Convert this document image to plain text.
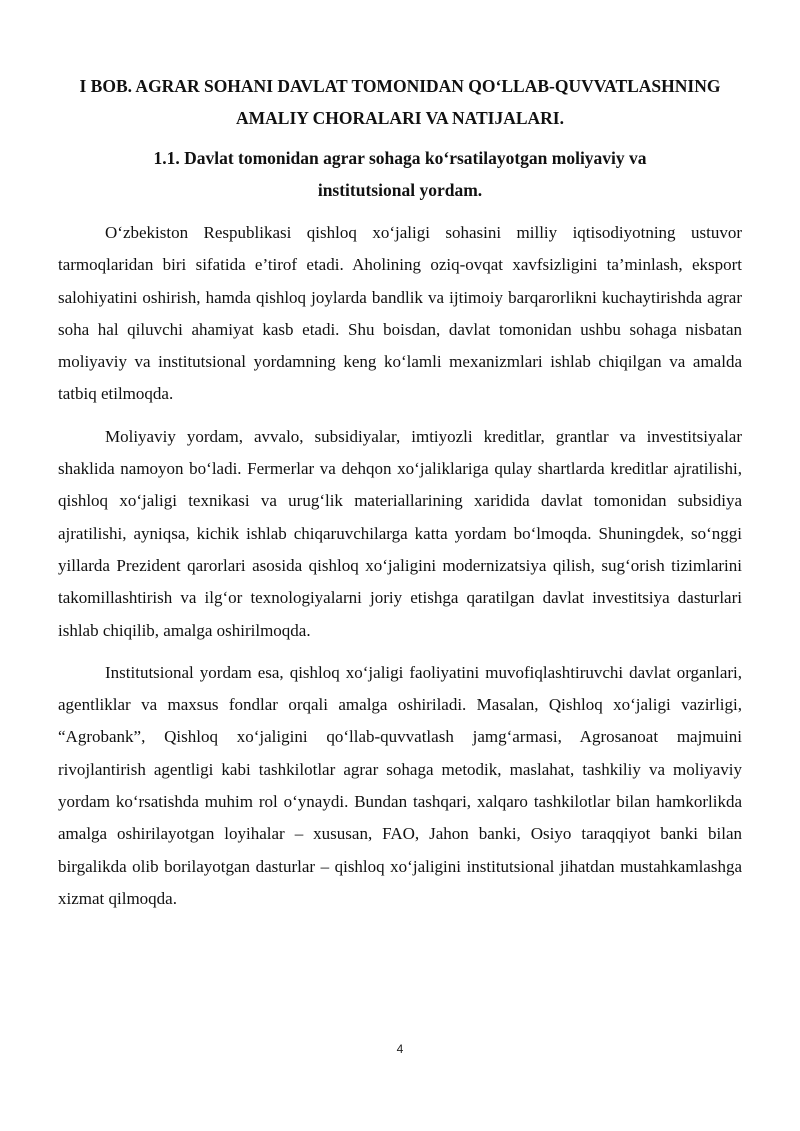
I BOB. AGRAR SOHANI DAVLAT TOMONIDAN QO‘LLAB-QUVVATLASHNING AMALIY CHORALARI VA NATIJALARI.
1.1. Davlat tomonidan agrar sohaga ko‘rsatilayotgan moliyaviy va institutsional yordam.

O‘zbekiston Respublikasi qishloq xo‘jaligi sohasini milliy iqtisodiyotning ustuvor tarmoqlaridan biri sifatida e’tirof etadi. Aholining oziq-ovqat xavfsizligini ta’minlash, eksport salohiyatini oshirish, hamda qishloq joylarda bandlik va ijtimoiy barqarorlikni kuchaytirishda agrar soha hal qiluvchi ahamiyat kasb etadi. Shu boisdan, davlat tomonidan ushbu sohaga nisbatan moliyaviy va institutsional yordamning keng ko‘lamli mexanizmlari ishlab chiqilgan va amalda tatbiq etilmoqda.

Moliyaviy yordam, avvalo, subsidiyalar, imtiyozli kreditlar, grantlar va investitsiyalar shaklida namoyon bo‘ladi. Fermerlar va dehqon xo‘jaliklariga qulay shartlarda kreditlar ajratilishi, qishloq xo‘jaligi texnikasi va urug‘lik materiallarining xaridida davlat tomonidan subsidiya ajratilishi, ayniqsa, kichik ishlab chiqaruvchilarga katta yordam bo‘lmoqda. Shuningdek, so‘nggi yillarda Prezident qarorlari asosida qishloq xo‘jaligini modernizatsiya qilish, sug‘orish tizimlarini takomillashtirish va ilg‘or texnologiyalarni joriy etishga qaratilgan davlat investitsiya dasturlari ishlab chiqilib, amalga oshirilmoqda.

Institutsional yordam esa, qishloq xo‘jaligi faoliyatini muvofiqlashtiruvchi davlat organlari, agentliklar va maxsus fondlar orqali amalga oshiriladi. Masalan, Qishloq xo‘jaligi vazirligi, “Agrobank”, Qishloq xo‘jaligini qo‘llab-quvvatlash jamg‘armasi, Agrosanoat majmuini rivojlantirish agentligi kabi tashkilotlar agrar sohaga metodik, maslahat, tashkiliy va moliyaviy yordam ko‘rsatishda muhim rol o‘ynaydi. Bundan tashqari, xalqaro tashkilotlar bilan hamkorlikda amalga oshirilayotgan loyihalar – xususan, FAO, Jahon banki, Osiyo taraqqiyot banki bilan birgalikda olib borilayotgan dasturlar – qishloq xo‘jaligini institutsional jihatdan mustahkamlashga xizmat qilmoqda.

4
